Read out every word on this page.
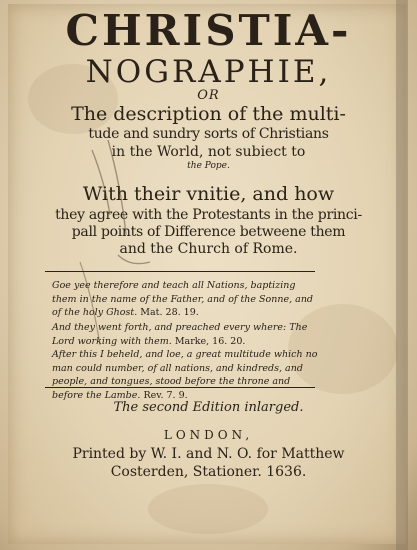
CHRISTIA-
NOGRAPHIE,
OR
The description of the multi-
tude and sundry sorts of Christians
in the World, not subiect to
the Pope.
With their vnitie, and how
they agree with the Protestants in the princi-
pall points of Difference betweene them
and the Church of Rome.
Goe yee therefore and teach all Nations, baptizing them in the name of the Father, and of the Sonne, and of the holy Ghost. Mat. 28. 19.
And they went forth, and preached every where: The Lord working with them. Marke, 16. 20.
After this I beheld, and loe, a great multitude which no man could number, of all nations, and kindreds, and people, and tongues, stood before the throne and before the Lambe. Rev. 7. 9.
The second Edition inlarged.
LONDON,
Printed by W. I. and N. O. for Matthew
Costerden, Stationer. 1636.
